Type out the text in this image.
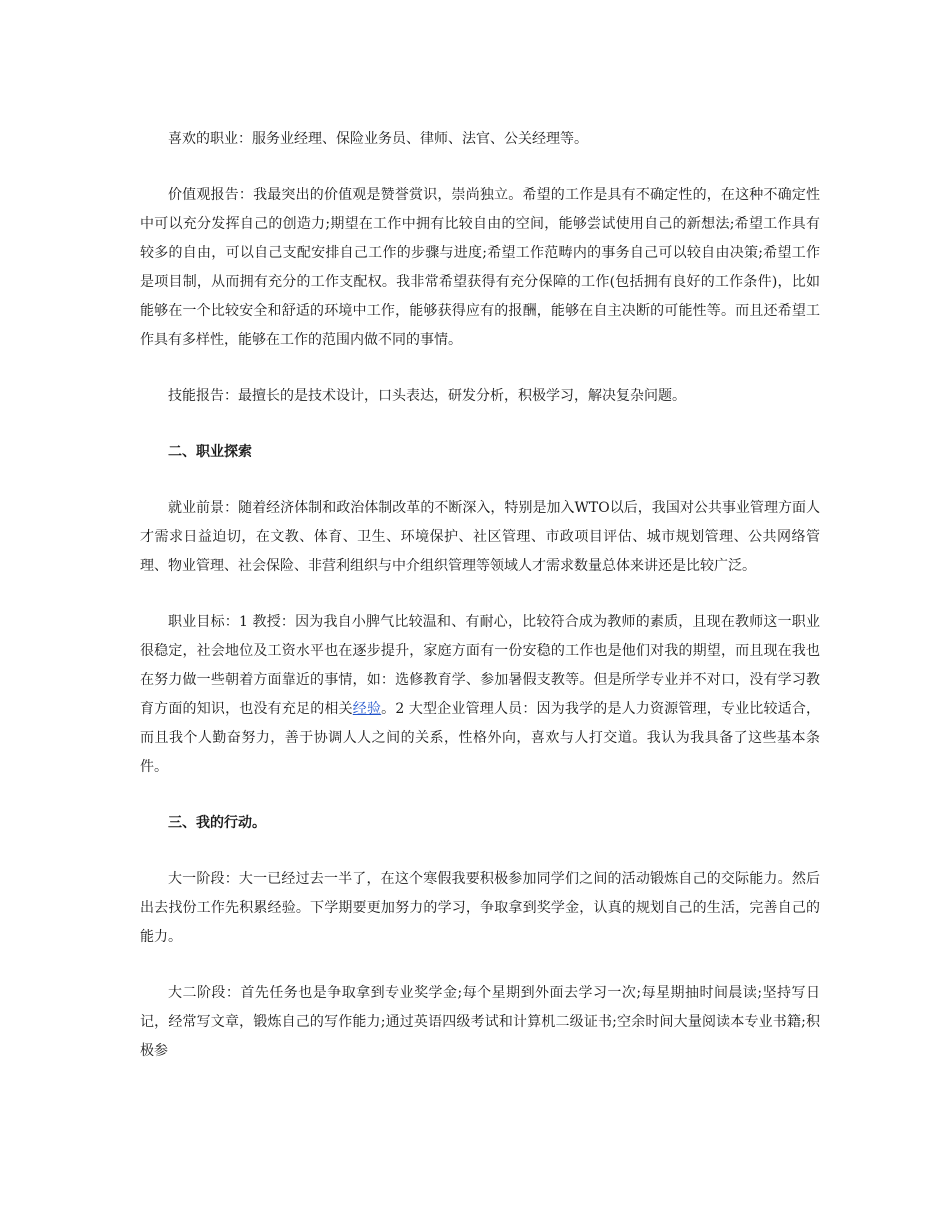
喜欢的职业：服务业经理、保险业务员、律师、法官、公关经理等。

价值观报告：我最突出的价值观是赞誉赏识，崇尚独立。希望的工作是具有不确定性的，在这种不确定性中可以充分发挥自己的创造力;期望在工作中拥有比较自由的空间，能够尝试使用自己的新想法;希望工作具有较多的自由，可以自己支配安排自己工作的步骤与进度;希望工作范畴内的事务自己可以较自由决策;希望工作是项目制，从而拥有充分的工作支配权。我非常希望获得有充分保障的工作(包括拥有良好的工作条件)，比如能够在一个比较安全和舒适的环境中工作，能够获得应有的报酬，能够在自主决断的可能性等。而且还希望工作具有多样性，能够在工作的范围内做不同的事情。

技能报告：最擅长的是技术设计，口头表达，研发分析，积极学习，解决复杂问题。

二、职业探索

就业前景：随着经济体制和政治体制改革的不断深入，特别是加入WTO以后，我国对公共事业管理方面人才需求日益迫切，在文教、体育、卫生、环境保护、社区管理、市政项目评估、城市规划管理、公共网络管理、物业管理、社会保险、非营利组织与中介组织管理等领域人才需求数量总体来讲还是比较广泛。

职业目标：1 教授：因为我自小脾气比较温和、有耐心，比较符合成为教师的素质，且现在教师这一职业很稳定，社会地位及工资水平也在逐步提升，家庭方面有一份安稳的工作也是他们对我的期望，而且现在我也在努力做一些朝着方面靠近的事情，如：选修教育学、参加暑假支教等。但是所学专业并不对口，没有学习教育方面的知识，也没有充足的相关经验。2 大型企业管理人员：因为我学的是人力资源管理，专业比较适合，而且我个人勤奋努力，善于协调人人之间的关系，性格外向，喜欢与人打交道。我认为我具备了这些基本条件。

三、我的行动。

大一阶段：大一已经过去一半了，在这个寒假我要积极参加同学们之间的活动锻炼自己的交际能力。然后出去找份工作先积累经验。下学期要更加努力的学习，争取拿到奖学金，认真的规划自己的生活，完善自己的能力。

大二阶段：首先任务也是争取拿到专业奖学金;每个星期到外面去学习一次;每星期抽时间晨读;坚持写日记，经常写文章，锻炼自己的写作能力;通过英语四级考试和计算机二级证书;空余时间大量阅读本专业书籍;积极参
